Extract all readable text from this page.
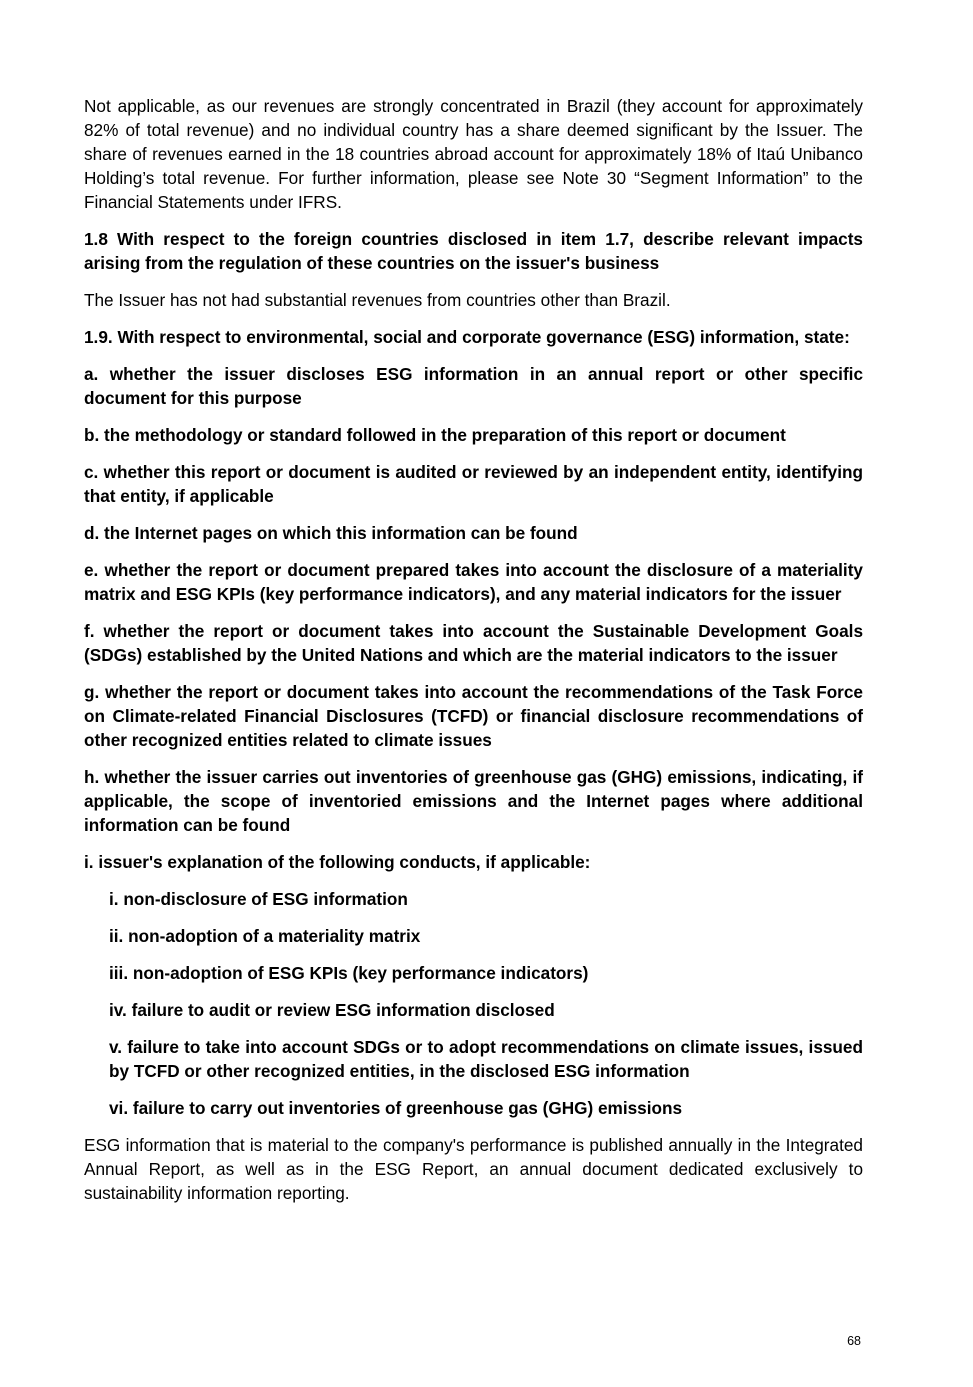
Not applicable, as our revenues are strongly concentrated in Brazil (they account for approximately 82% of total revenue) and no individual country has a share deemed significant by the Issuer. The share of revenues earned in the 18 countries abroad account for approximately 18% of Itaú Unibanco Holding’s total revenue. For further information, please see Note 30 “Segment Information” to the Financial Statements under IFRS.

1.8 With respect to the foreign countries disclosed in item 1.7, describe relevant impacts arising from the regulation of these countries on the issuer's business

The Issuer has not had substantial revenues from countries other than Brazil.

1.9. With respect to environmental, social and corporate governance (ESG) information, state:

a. whether the issuer discloses ESG information in an annual report or other specific document for this purpose

b. the methodology or standard followed in the preparation of this report or document

c. whether this report or document is audited or reviewed by an independent entity, identifying that entity, if applicable

d. the Internet pages on which this information can be found

e. whether the report or document prepared takes into account the disclosure of a materiality matrix and ESG KPIs (key performance indicators), and any material indicators for the issuer

f. whether the report or document takes into account the Sustainable Development Goals (SDGs) established by the United Nations and which are the material indicators to the issuer

g. whether the report or document takes into account the recommendations of the Task Force on Climate-related Financial Disclosures (TCFD) or financial disclosure recommendations of other recognized entities related to climate issues

h. whether the issuer carries out inventories of greenhouse gas (GHG) emissions, indicating, if applicable, the scope of inventoried emissions and the Internet pages where additional information can be found

i. issuer's explanation of the following conducts, if applicable:

i. non-disclosure of ESG information

ii. non-adoption of a materiality matrix

iii. non-adoption of ESG KPIs (key performance indicators)

iv. failure to audit or review ESG information disclosed

v. failure to take into account SDGs or to adopt recommendations on climate issues, issued by TCFD or other recognized entities, in the disclosed ESG information

vi. failure to carry out inventories of greenhouse gas (GHG) emissions

ESG information that is material to the company's performance is published annually in the Integrated Annual Report, as well as in the ESG Report, an annual document dedicated exclusively to sustainability information reporting.

68
